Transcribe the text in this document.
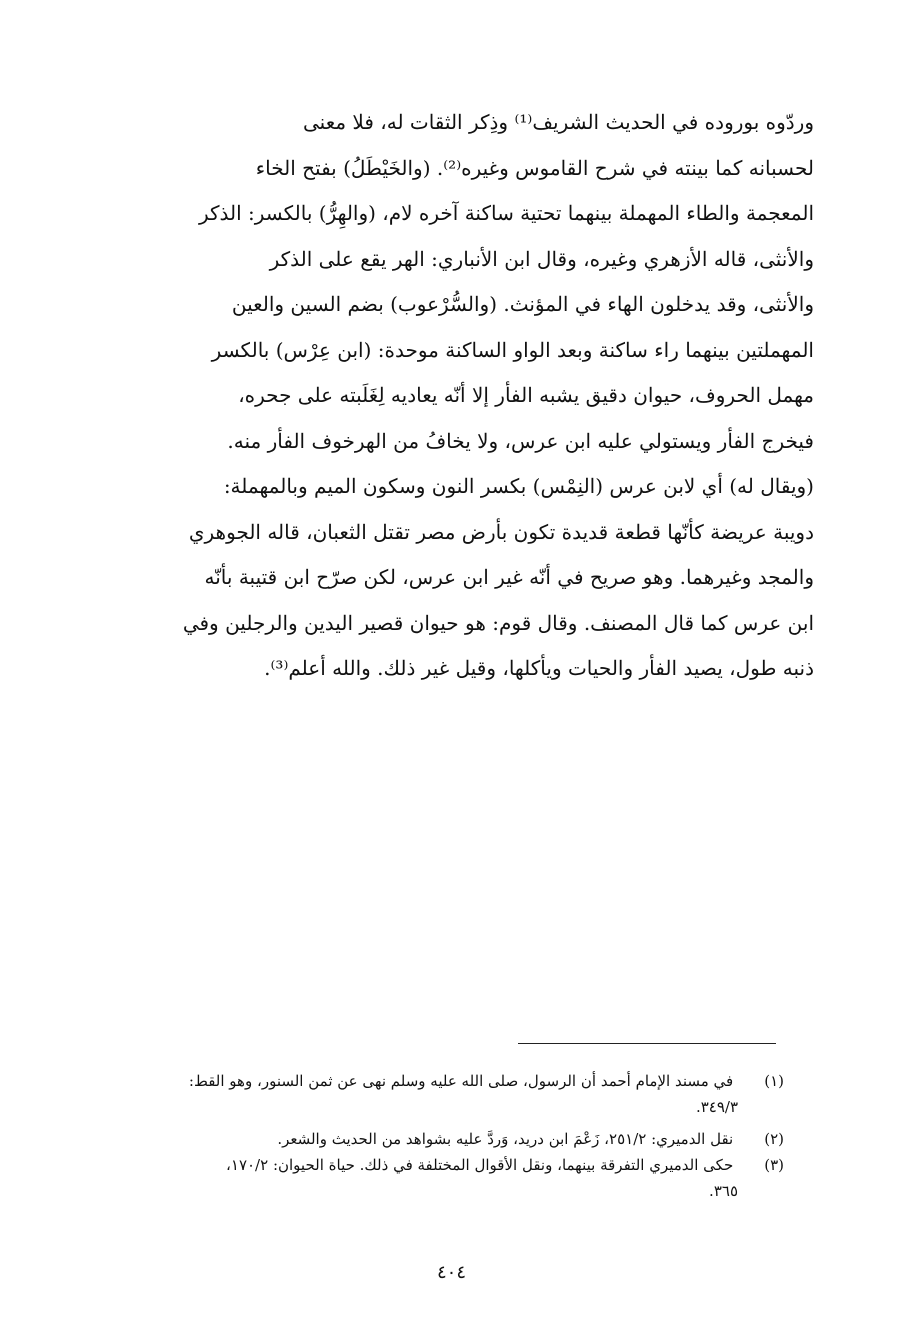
وردّوه بوروده في الحديث الشريف⁽¹⁾ وذِكر الثقات له، فلا معنى
لحسبانه كما بينته في شرح القاموس وغيره⁽²⁾. (والخَيْطَلُ) بفتح الخاء
المعجمة والطاء المهملة بينهما تحتية ساكنة آخره لام، (والهِرُّ) بالكسر: الذكر
والأنثى، قاله الأزهري وغيره، وقال ابن الأنباري: الهر يقع على الذكر
والأنثى، وقد يدخلون الهاء في المؤنث. (والسُّرْعوب) بضم السين والعين
المهملتين بينهما راء ساكنة وبعد الواو الساكنة موحدة: (ابن عِرْس) بالكسر
مهمل الحروف، حيوان دقيق يشبه الفأر إلا أنّه يعاديه لِغَلَبته على جحره،
فيخرج الفأر ويستولي عليه ابن عرس، ولا يخافُ من الهرخوف الفأر منه.
(ويقال له) أي لابن عرس (النِمْس) بكسر النون وسكون الميم وبالمهملة:
دويبة عريضة كأنّها قطعة قديدة تكون بأرض مصر تقتل الثعبان، قاله الجوهري
والمجد وغيرهما. وهو صريح في أنّه غير ابن عرس، لكن صرّح ابن قتيبة بأنّه
ابن عرس كما قال المصنف. وقال قوم: هو حيوان قصير اليدين والرجلين وفي
ذنبه طول، يصيد الفأر والحيات ويأكلها، وقيل غير ذلك. والله أعلم⁽³⁾.
(١) في مسند الإمام أحمد أن الرسول، صلى الله عليه وسلم نهى عن ثمن السنور، وهو القط:
٣٤٩/٣.
(٢) نقل الدميري: ٢٥١/٢، زَعْمَ ابن دريد، وَردَّ عليه بشواهد من الحديث والشعر.
(٣) حكى الدميري التفرقة بينهما، ونقل الأقوال المختلفة في ذلك. حياة الحيوان: ١٧٠/٢،
٣٦٥.
٤٠٤
